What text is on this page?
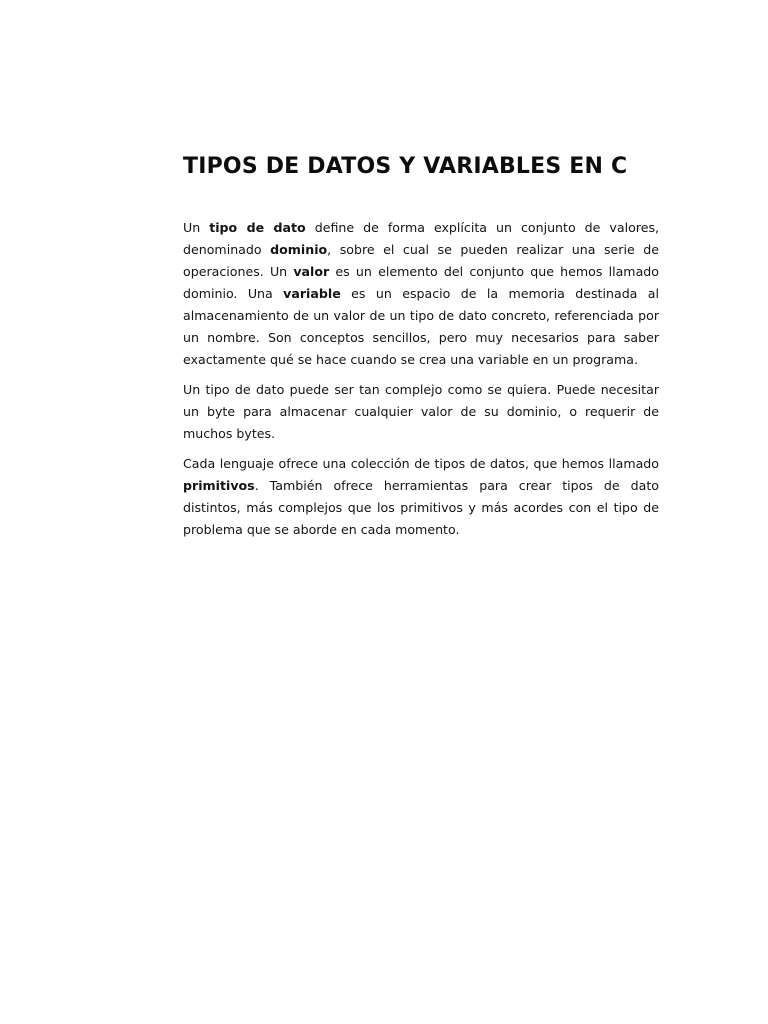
TIPOS DE DATOS Y VARIABLES EN C

Un tipo de dato define de forma explícita un conjunto de valores, denominado dominio, sobre el cual se pueden realizar una serie de operaciones. Un valor es un elemento del conjunto que hemos llamado dominio. Una variable es un espacio de la memoria destinada al almacenamiento de un valor de un tipo de dato concreto, referenciada por un nombre. Son conceptos sencillos, pero muy necesarios para saber exactamente qué se hace cuando se crea una variable en un programa.

Un tipo de dato puede ser tan complejo como se quiera. Puede necesitar un byte para almacenar cualquier valor de su dominio, o requerir de muchos bytes.

Cada lenguaje ofrece una colección de tipos de datos, que hemos llamado primitivos. También ofrece herramientas para crear tipos de dato distintos, más complejos que los primitivos y más acordes con el tipo de problema que se aborde en cada momento.
